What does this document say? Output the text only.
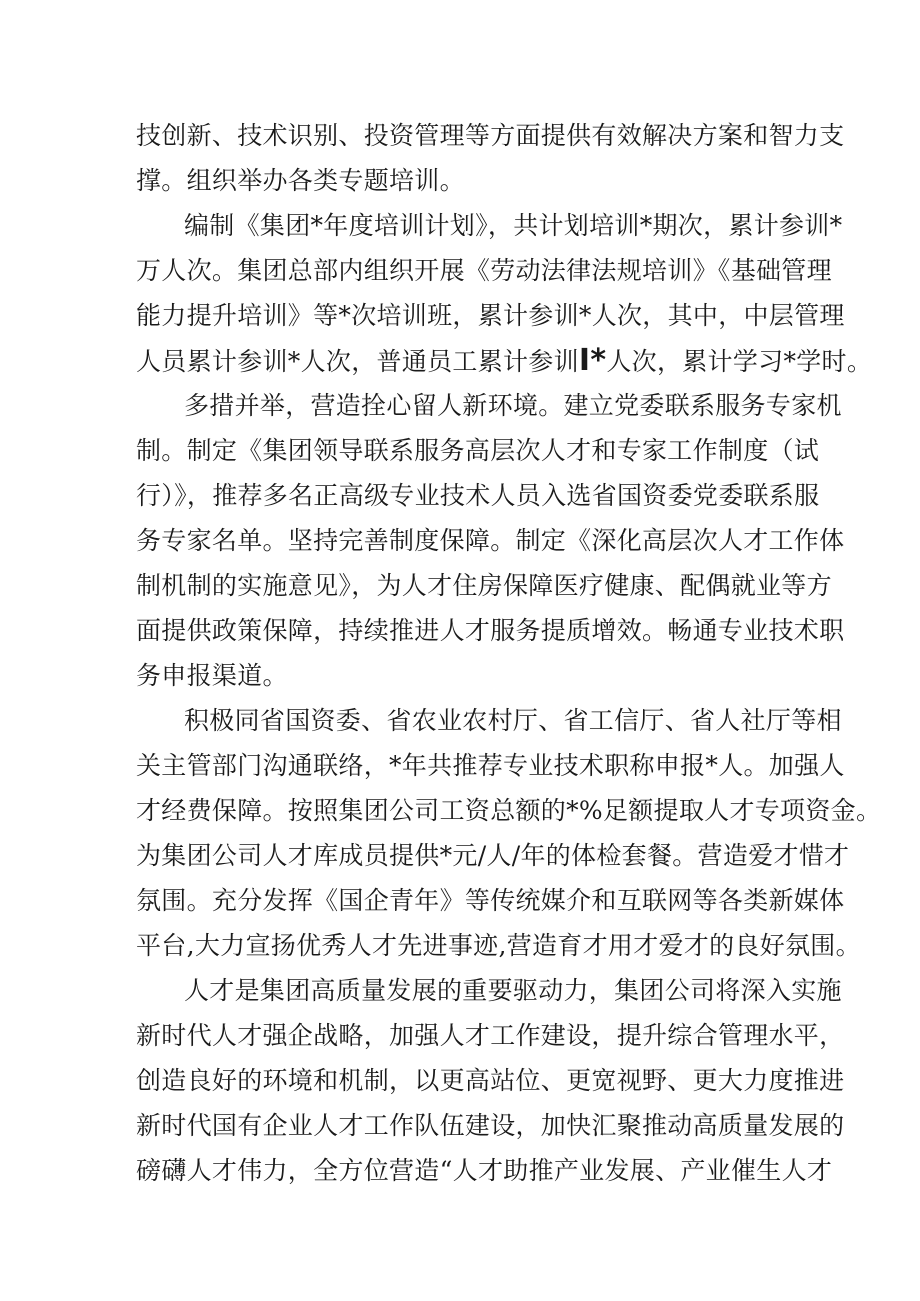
技创新、技术识别、投资管理等方面提供有效解决方案和智力支
撑。组织举办各类专题培训。
编制《集团*年度培训计划》，共计划培训*期次，累计参训*
万人次。集团总部内组织开展《劳动法律法规培训》《基础管理
能力提升培训》等*次培训班，累计参训*人次，其中，中层管理
人员累计参训*人次，普通员工累计参训I*人次，累计学习*学时。
多措并举，营造拴心留人新环境。建立党委联系服务专家机
制。制定《集团领导联系服务高层次人才和专家工作制度（试
行）》，推荐多名正高级专业技术人员入选省国资委党委联系服
务专家名单。坚持完善制度保障。制定《深化高层次人才工作体
制机制的实施意见》，为人才住房保障医疗健康、配偶就业等方
面提供政策保障，持续推进人才服务提质增效。畅通专业技术职
务申报渠道。
积极同省国资委、省农业农村厅、省工信厅、省人社厅等相
关主管部门沟通联络，*年共推荐专业技术职称申报*人。加强人
才经费保障。按照集团公司工资总额的*%足额提取人才专项资金。
为集团公司人才库成员提供*元/人/年的体检套餐。营造爱才惜才
氛围。充分发挥《国企青年》等传统媒介和互联网等各类新媒体
平台,大力宣扬优秀人才先进事迹,营造育才用才爱才的良好氛围。
人才是集团高质量发展的重要驱动力，集团公司将深入实施
新时代人才强企战略，加强人才工作建设，提升综合管理水平，
创造良好的环境和机制，以更高站位、更宽视野、更大力度推进
新时代国有企业人才工作队伍建设，加快汇聚推动高质量发展的
磅礴人才伟力，全方位营造“人才助推产业发展、产业催生人才
